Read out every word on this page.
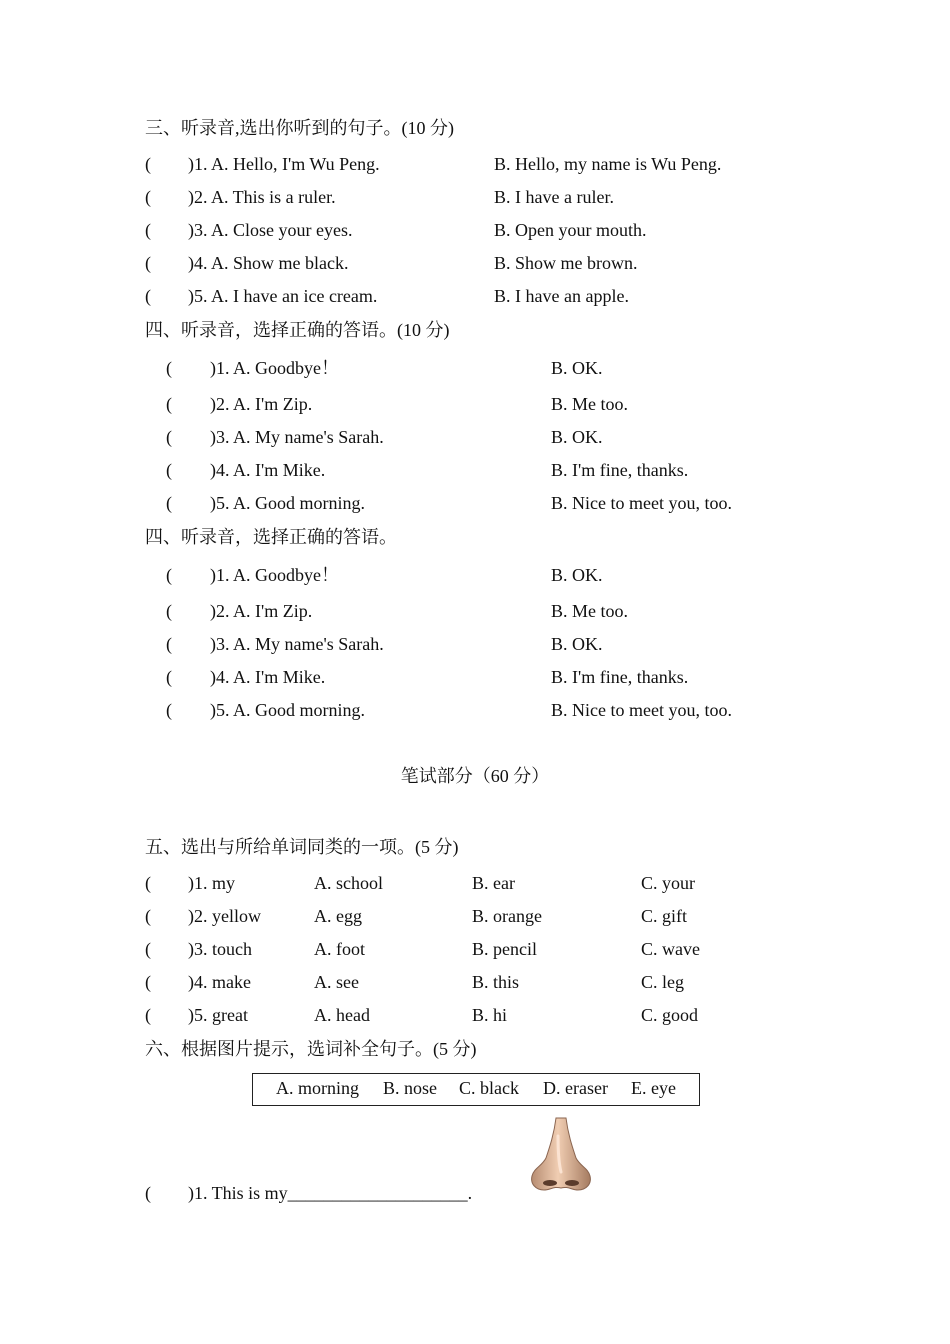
三、听录音,选出你听到的句子。(10 分)
( )1. A. Hello, I'm Wu Peng.	B. Hello, my name is Wu Peng.
( )2. A. This is a ruler.	B. I have a ruler.
( )3. A. Close your eyes.	B. Open your mouth.
( )4. A. Show me black.	B. Show me brown.
( )5. A. I have an ice cream.	B. I have an apple.
四、听录音，选择正确的答语。(10 分)
( )1. A. Goodbye！	B. OK.
( )2. A. I'm Zip.	B. Me too.
( )3. A. My name's Sarah.	B. OK.
( )4. A. I'm Mike.	B. I'm fine, thanks.
( )5. A. Good morning.	B. Nice to meet you, too.
四、听录音，选择正确的答语。
( )1. A. Goodbye！	B. OK.
( )2. A. I'm Zip.	B. Me too.
( )3. A. My name's Sarah.	B. OK.
( )4. A. I'm Mike.	B. I'm fine, thanks.
( )5. A. Good morning.	B. Nice to meet you, too.
笔试部分（60 分）
五、选出与所给单词同类的一项。(5 分)
( )1. my	A. school	B. ear	C. your
( )2. yellow	A. egg	B. orange	C. gift
( )3. touch	A. foot	B. pencil	C. wave
( )4. make	A. see	B. this	C. leg
( )5. great	A. head	B. hi	C. good
六、根据图片提示，选词补全句子。(5 分)
A. morning B. nose C. black D. eraser E. eye
( )1. This is my____________________.
